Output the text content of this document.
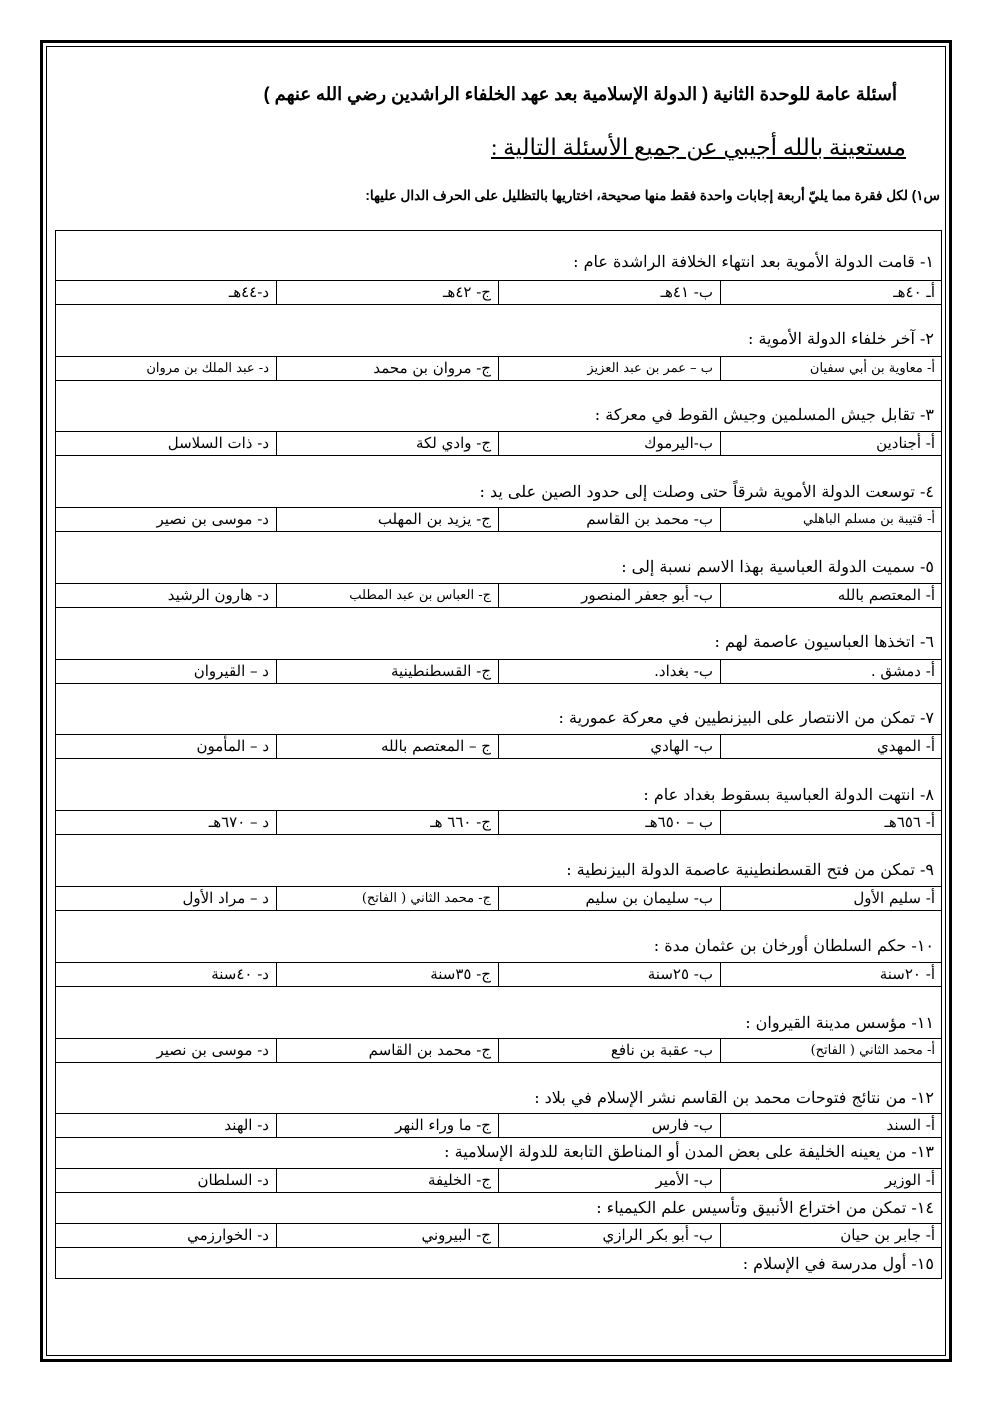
أسئلة عامة للوحدة الثانية ( الدولة الإسلامية بعد عهد الخلفاء الراشدين رضي الله عنهم )
مستعينة بالله أجيبي عن جميع الأسئلة التالية :
س١) لكل فقرة مما يليّ أربعة إجابات واحدة فقط منها صحيحة، اختاريها بالتظليل على الحرف الدال عليها:
١- قامت الدولة الأموية بعد انتهاء الخلافة الراشدة عام :
أـ ٤٠هـ
ب- ٤١هـ
ج- ٤٢هـ
د-٤٤هـ
٢- آخر خلفاء الدولة الأموية :
أ- معاوية بن أبي سفيان
ب – عمر بن عبد العزيز
ج- مروان بن محمد
د- عبد الملك بن مروان
٣- تقابل جيش المسلمين وجيش القوط في معركة :
أ- أجنادين
ب-اليرموك
ج- وادي لكة
د- ذات السلاسل
٤- توسعت الدولة الأموية شرقاً حتى وصلت إلى حدود الصين على يد :
أ- قتيبة بن مسلم الباهلي
ب- محمد بن القاسم
ج- يزيد بن المهلب
د- موسى بن نصير
٥- سميت الدولة العباسية بهذا الاسم نسبة إلى :
أ- المعتصم بالله
ب- أبو جعفر المنصور
ج- العباس بن عبد المطلب
د- هارون الرشيد
٦- اتخذها العباسيون عاصمة لهم :
أ- دمشق .
ب- بغداد.
ج- القسطنطينية
د – القيروان
٧- تمكن من الانتصار على البيزنطيين في معركة عمورية :
أ- المهدي
ب- الهادي
ج – المعتصم بالله
د – المأمون
٨- انتهت الدولة العباسية بسقوط بغداد عام :
أ- ٦٥٦هـ
ب – ٦٥٠هـ
ج- ٦٦٠ هـ
د – ٦٧٠هـ
٩- تمكن من فتح القسطنطينية عاصمة الدولة البيزنطية :
أ- سليم الأول
ب- سليمان بن سليم
ج- محمد الثاني ( الفاتح)
د – مراد الأول
١٠- حكم السلطان أورخان بن عثمان مدة :
أ- ٢٠سنة
ب- ٢٥سنة
ج- ٣٥سنة
د- ٤٠سنة
١١- مؤسس مدينة القيروان :
أ- محمد الثاني ( الفاتح)
ب- عقبة بن نافع
ج- محمد بن القاسم
د- موسى بن نصير
١٢- من نتائج فتوحات محمد بن القاسم نشر الإسلام في بلاد :
أ- السند
ب- فارس
ج- ما وراء النهر
د- الهند
١٣- من يعينه الخليفة على بعض المدن أو المناطق التابعة للدولة الإسلامية :
أ- الوزير
ب- الأمير
ج- الخليفة
د- السلطان
١٤- تمكن من اختراع الأنبيق وتأسيس علم الكيمياء :
أ- جابر بن حيان
ب- أبو بكر الرازي
ج- البيروني
د- الخوارزمي
١٥- أول مدرسة في الإسلام :
